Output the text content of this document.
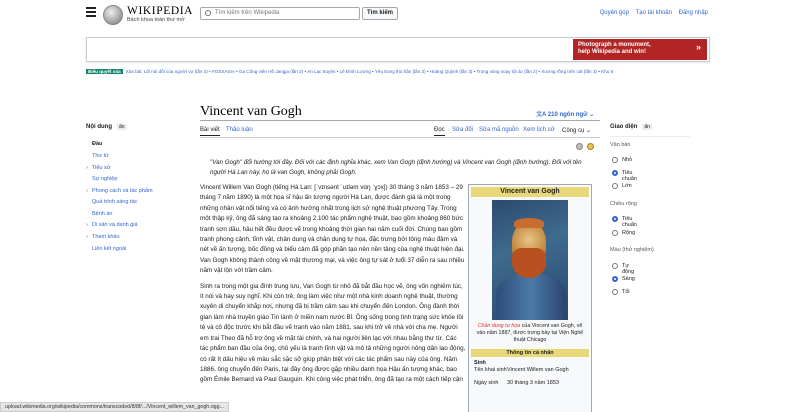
WIKIPEDIA
Bách khoa toàn thư mở
Tìm kiếm trên Wikipedia	Tìm kiếm	Quyên góp Tạo tài khoản Đăng nhập
Photograph a monument,
help Wikipedia and win!	»
Biểu quyết xóa Xóa bài: Lối nói dối của người vợ (lần 2) • FOSSASIA • Ga Công viên Hồ Jangja (lần 2) • An Lạc truyện • Lê Đình Lượng • Yêu trong thù hận (lần 3) • Hoàng Quỳnh (lần 3) • Trong vòng xoay tội ác (lần 2) • Xương rồng trên cát (lần 3) • Khu 8
Nội dung ẩn
Đầu
Thư từ
› Tiểu sử
Sự nghiệp
› Phong cách và tác phẩm
Quá trình sáng tác
Bệnh án
› Di sản và danh giá
› Tham khảo
Liên kết ngoài
Vincent van Gogh	文A 210 ngôn ngữ ⌄
Bài viết Thảo luận	Đọc Sửa đổi Sửa mã nguồn Xem lịch sử Công cụ ⌄
"Van Gogh" đổi hướng tới đây. Đối với các định nghĩa khác, xem Van Gogh (định hướng) và Vincent van Gogh (định hướng). Đối với tên người Hà Lan này, họ là van Gogh, không phải Gogh.

Vincent Willem Van Gogh (tiếng Hà Lan: [ˈvɪnsənt ˈʋɪləm vɑŋ ˈɣɔx]) 30 tháng 3 năm 1853 – 29 tháng 7 năm 1890) là một họa sĩ hậu ấn tượng người Hà Lan, được đánh giá là một trong những nhân vật nổi tiếng và có ảnh hưởng nhất trong lịch sử nghệ thuật phương Tây. Trong một thập kỷ, ông đã sáng tạo ra khoảng 2.100 tác phẩm nghệ thuật, bao gồm khoảng 860 bức tranh sơn dầu, hầu hết đều được vẽ trong khoảng thời gian hai năm cuối đời. Chúng bao gồm tranh phong cảnh, tĩnh vật, chân dung và chân dung tự họa, đặc trưng bởi tông màu đậm và nét vẽ ấn tượng, bốc đồng và biểu cảm đã góp phần tạo nên nền tảng của nghệ thuật hiện đại. Van Gogh không thành công về mặt thương mại, và việc ông tự sát ở tuổi 37 diễn ra sau nhiều năm vật lộn với trầm cảm.

Sinh ra trong một gia đình trung lưu, Van Gogh từ nhỏ đã bắt đầu học vẽ, ông vốn nghiêm túc, ít nói và hay suy nghĩ. Khi còn trẻ, ông làm việc như một nhà kinh doanh nghệ thuật, thường xuyên di chuyển khắp nơi, nhưng đã bị trầm cảm sau khi chuyển đến London. Ông đành thời gian làm nhà truyền giáo Tin lành ở miền nam nước Bỉ. Ông sống trong tình trạng sức khỏe tồi tệ và cô độc trước khi bắt đầu vẽ tranh vào năm 1881, sau khi trở về nhà với cha mẹ. Người em trai Theo đã hỗ trợ ông về mặt tài chính, và hai người liên lạc với nhau bằng thư từ. Các tác phẩm ban đầu của ông, chủ yếu là tranh tĩnh vật và mô tả những người nông dân lao động, có rất ít dấu hiệu về màu sắc sặc sỡ giúp phân biệt với các tác phẩm sau này của ông. Năm 1886, ông chuyển đến Paris, tại đây ông được gặp nhiều danh họa Hậu ấn tượng khác, bao gồm Émile Bernard và Paul Gauguin. Khi công việc phát triển, ông đã tạo ra một cách tiếp cận

Vincent van Gogh
Chân dung tự họa của Vincent van Gogh, vẽ vào năm 1887, được trưng bày tại Viện Nghệ thuật Chicago
Thông tin cá nhân
Sinh
Tên khai sinh Vincent Willem van Gogh
Ngày sinh 30 tháng 3 năm 1853
Giao diện ẩn
Văn bản
Nhỏ
Tiêu chuẩn
Lớn
Chiều rộng
Tiêu chuẩn
Rộng
Màu (thử nghiệm)
Tự động
Sáng
Tối
upload.wikimedia.org/wikipedia/commons/transcoded/8/8f/.../Vincent_willem_van_gogh.ogg...
